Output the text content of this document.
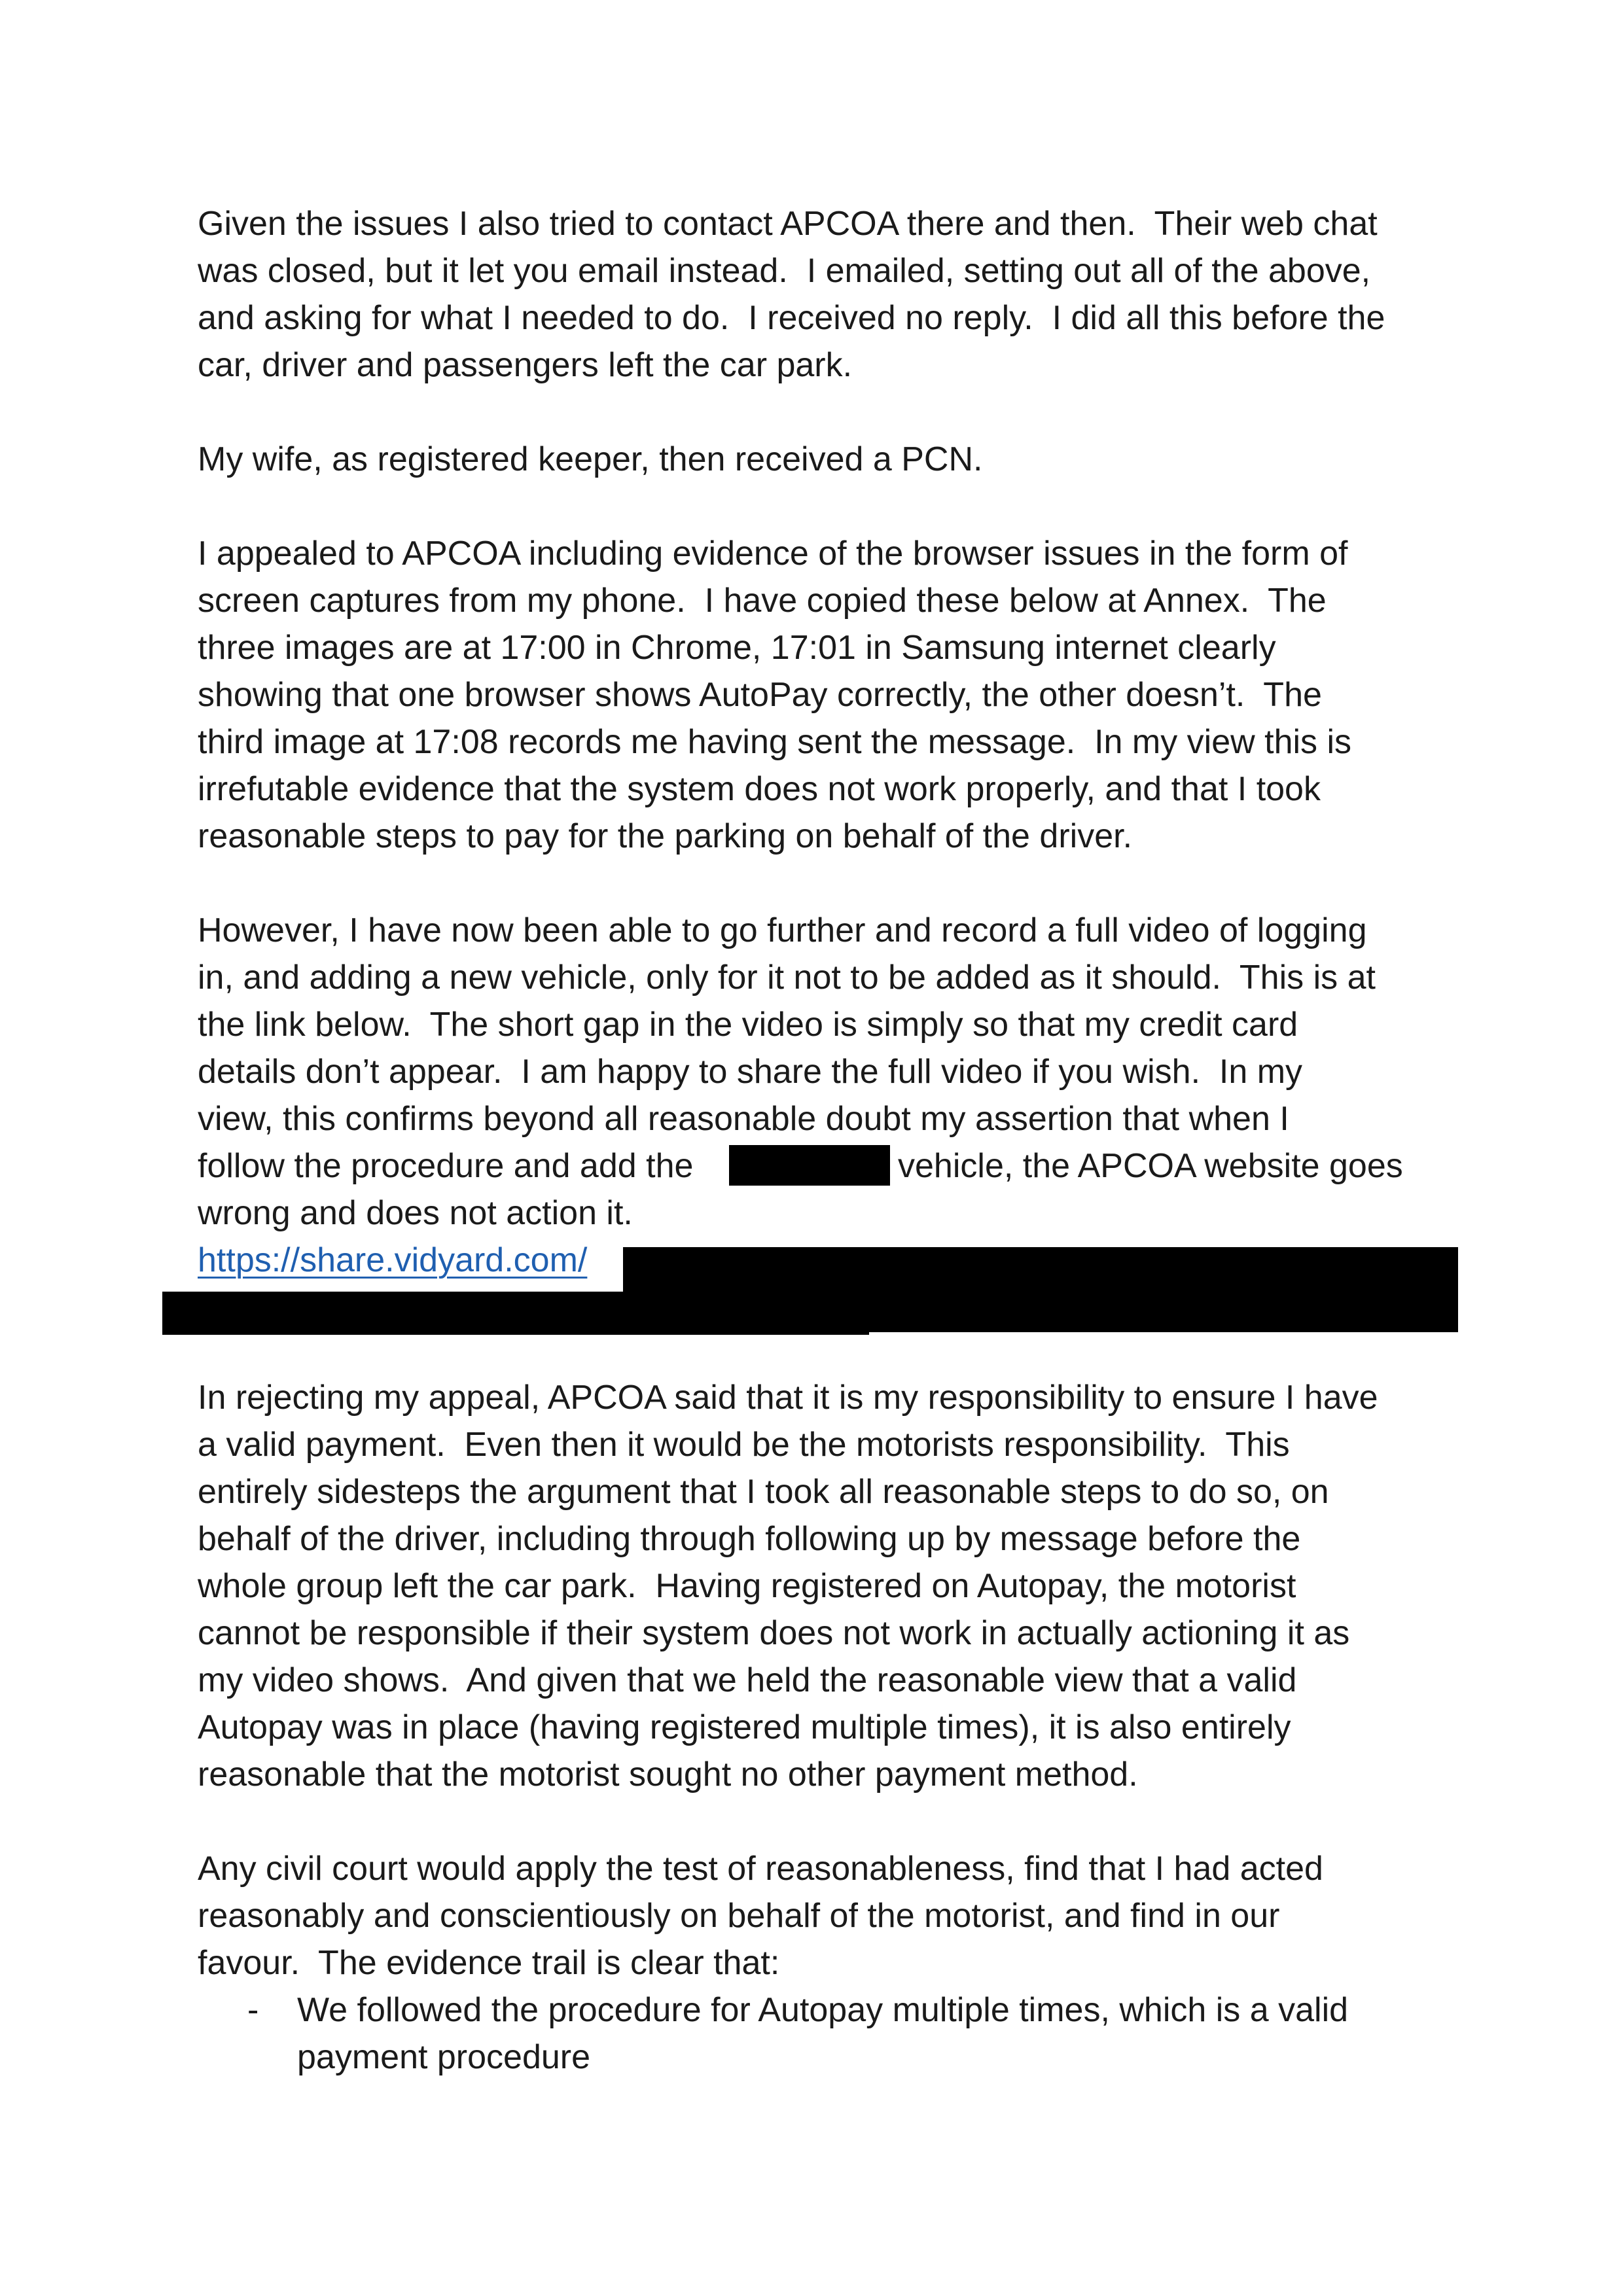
Given the issues I also tried to contact APCOA there and then.  Their web chat
was closed, but it let you email instead.  I emailed, setting out all of the above,
and asking for what I needed to do.  I received no reply.  I did all this before the
car, driver and passengers left the car park.
My wife, as registered keeper, then received a PCN.
I appealed to APCOA including evidence of the browser issues in the form of
screen captures from my phone.  I have copied these below at Annex.  The
three images are at 17:00 in Chrome, 17:01 in Samsung internet clearly
showing that one browser shows AutoPay correctly, the other doesn’t.  The
third image at 17:08 records me having sent the message.  In my view this is
irrefutable evidence that the system does not work properly, and that I took
reasonable steps to pay for the parking on behalf of the driver.
However, I have now been able to go further and record a full video of logging
in, and adding a new vehicle, only for it not to be added as it should.  This is at
the link below.  The short gap in the video is simply so that my credit card
details don’t appear.  I am happy to share the full video if you wish.  In my
view, this confirms beyond all reasonable doubt my assertion that when I
follow the procedure and add the	vehicle, the APCOA website goes
wrong and does not action it.
https://share.vidyard.com/
In rejecting my appeal, APCOA said that it is my responsibility to ensure I have
a valid payment.  Even then it would be the motorists responsibility.  This
entirely sidesteps the argument that I took all reasonable steps to do so, on
behalf of the driver, including through following up by message before the
whole group left the car park.  Having registered on Autopay, the motorist
cannot be responsible if their system does not work in actually actioning it as
my video shows.  And given that we held the reasonable view that a valid
Autopay was in place (having registered multiple times), it is also entirely
reasonable that the motorist sought no other payment method.
Any civil court would apply the test of reasonableness, find that I had acted
reasonably and conscientiously on behalf of the motorist, and find in our
favour.  The evidence trail is clear that:
- We followed the procedure for Autopay multiple times, which is a valid
payment procedure
